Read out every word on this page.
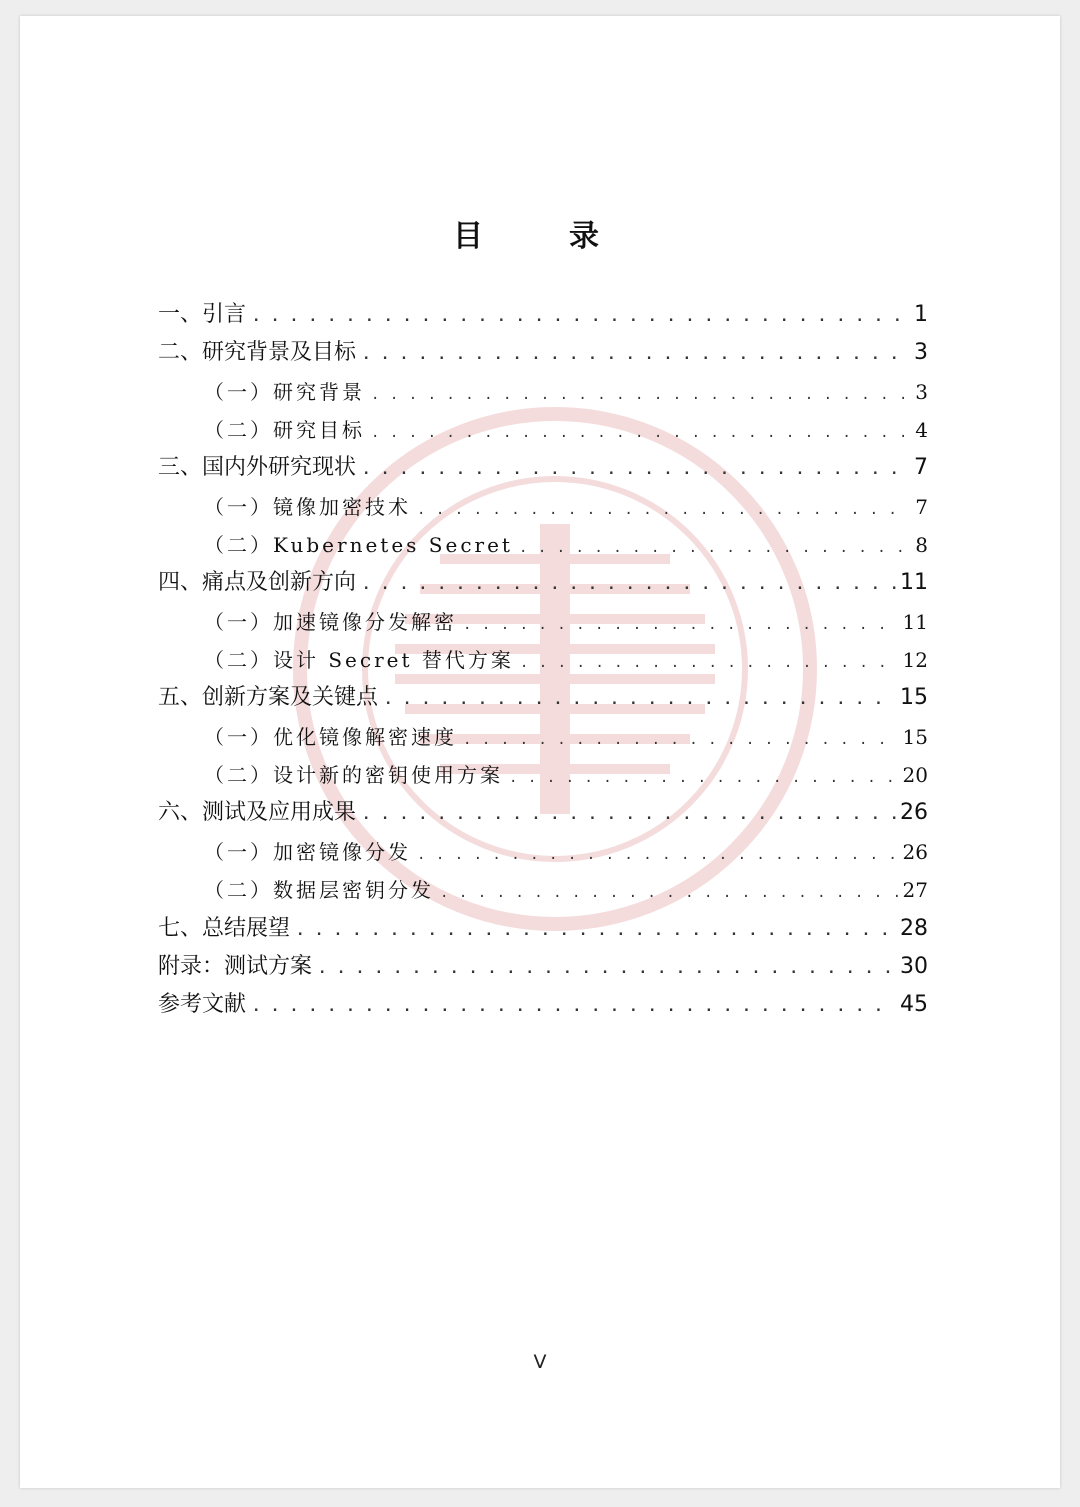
目　录
一、引言 . . .	1
二、研究背景及目标 . . .	3
（一）研究背景 . . .	3
（二）研究目标 . . .	4
三、国内外研究现状 . . .	7
（一）镜像加密技术 . . .	7
（二）Kubernetes Secret . . .	8
四、痛点及创新方向 . . .	11
（一）加速镜像分发解密 . . .	11
（二）设计 Secret 替代方案 . . .	12
五、创新方案及关键点 . . .	15
（一）优化镜像解密速度 . . .	15
（二）设计新的密钥使用方案 . . .	20
六、测试及应用成果 . . .	26
（一）加密镜像分发 . . .	26
（二）数据层密钥分发 . . .	27
七、总结展望 . . .	28
附录：测试方案 . . .	30
参考文献 . . .	45
V
